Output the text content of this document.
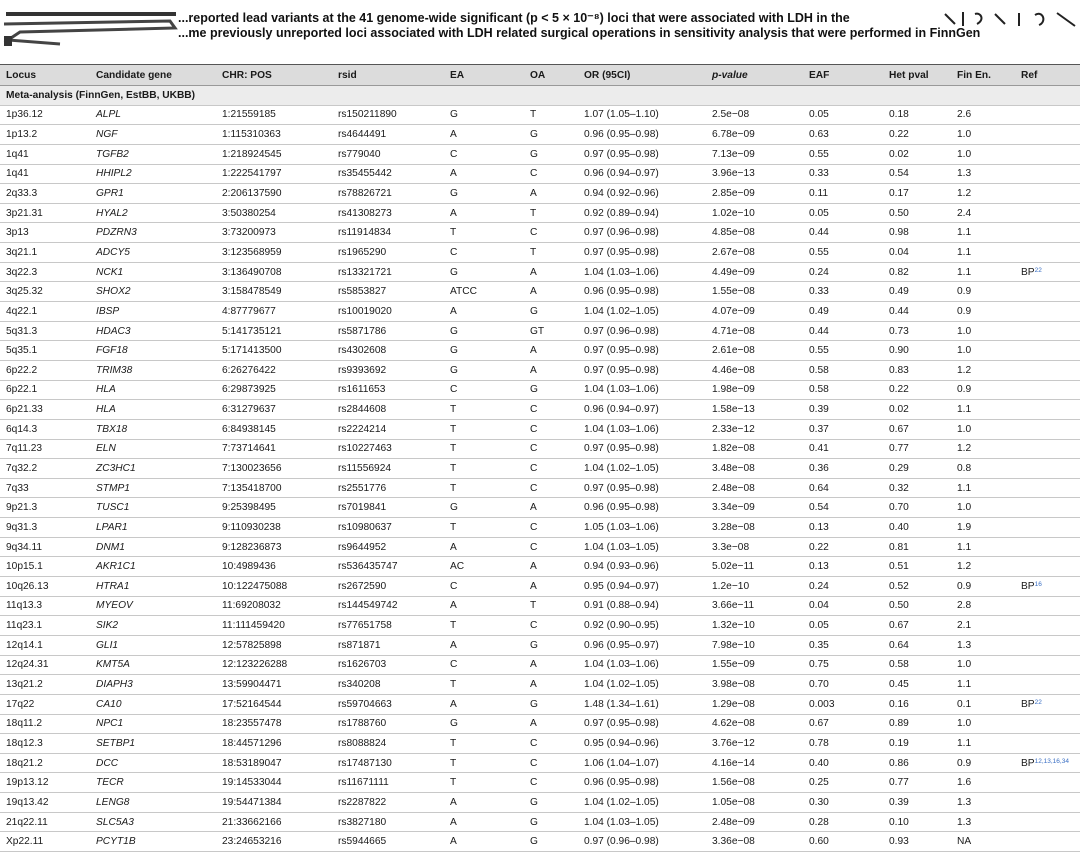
...reported lead variants at the 41 genome-wide significant (p < 5 × 10⁻⁸) loci that were associated with LDH in the
...me previously unreported loci associated with LDH related surgical operations in sensitivity analysis that were performed in FinnGen
Locus	Candidate gene	CHR: POS	rsid	EA	OA	OR (95CI)	p-value	EAF	Het pval	Fin En.	Ref
Meta-analysis (FinnGen, EstBB, UKBB)											
1p36.12	ALPL	1:21559185	rs150211890	G	T	1.07 (1.05–1.10)	2.5e−08	0.05	0.18	2.6	
1p13.2	NGF	1:115310363	rs4644491	A	G	0.96 (0.95–0.98)	6.78e−09	0.63	0.22	1.0	
1q41	TGFB2	1:218924545	rs779040	C	G	0.97 (0.95–0.98)	7.13e−09	0.55	0.02	1.0	
1q41	HHIPL2	1:222541797	rs35455442	A	C	0.96 (0.94–0.97)	3.96e−13	0.33	0.54	1.3	
2q33.3	GPR1	2:206137590	rs78826721	G	A	0.94 (0.92–0.96)	2.85e−09	0.11	0.17	1.2	
3p21.31	HYAL2	3:50380254	rs41308273	A	T	0.92 (0.89–0.94)	1.02e−10	0.05	0.50	2.4	
3p13	PDZRN3	3:73200973	rs11914834	T	C	0.97 (0.96–0.98)	4.85e−08	0.44	0.98	1.1	
3q21.1	ADCY5	3:123568959	rs1965290	C	T	0.97 (0.95–0.98)	2.67e−08	0.55	0.04	1.1	
3q22.3	NCK1	3:136490708	rs13321721	G	A	1.04 (1.03–1.06)	4.49e−09	0.24	0.82	1.1	BP$^{22}$
3q25.32	SHOX2	3:158478549	rs5853827	ATCC	A	0.96 (0.95–0.98)	1.55e−08	0.33	0.49	0.9	
4q22.1	IBSP	4:87779677	rs10019020	A	G	1.04 (1.02–1.05)	4.07e−09	0.49	0.44	0.9	
5q31.3	HDAC3	5:141735121	rs5871786	G	GT	0.97 (0.96–0.98)	4.71e−08	0.44	0.73	1.0	
5q35.1	FGF18	5:171413500	rs4302608	G	A	0.97 (0.95–0.98)	2.61e−08	0.55	0.90	1.0	
6p22.2	TRIM38	6:26276422	rs9393692	G	A	0.97 (0.95–0.98)	4.46e−08	0.58	0.83	1.2	
6p22.1	HLA	6:29873925	rs1611653	C	G	1.04 (1.03–1.06)	1.98e−09	0.58	0.22	0.9	
6p21.33	HLA	6:31279637	rs2844608	T	C	0.96 (0.94–0.97)	1.58e−13	0.39	0.02	1.1	
6q14.3	TBX18	6:84938145	rs2224214	T	C	1.04 (1.03–1.06)	2.33e−12	0.37	0.67	1.0	
7q11.23	ELN	7:73714641	rs10227463	T	C	0.97 (0.95–0.98)	1.82e−08	0.41	0.77	1.2	
7q32.2	ZC3HC1	7:130023656	rs11556924	T	C	1.04 (1.02–1.05)	3.48e−08	0.36	0.29	0.8	
7q33	STMP1	7:135418700	rs2551776	T	C	0.97 (0.95–0.98)	2.48e−08	0.64	0.32	1.1	
9p21.3	TUSC1	9:25398495	rs7019841	G	A	0.96 (0.95–0.98)	3.34e−09	0.54	0.70	1.0	
9q31.3	LPAR1	9:110930238	rs10980637	T	C	1.05 (1.03–1.06)	3.28e−08	0.13	0.40	1.9	
9q34.11	DNM1	9:128236873	rs9644952	A	C	1.04 (1.03–1.05)	3.3e−08	0.22	0.81	1.1	
10p15.1	AKR1C1	10:4989436	rs536435747	AC	A	0.94 (0.93–0.96)	5.02e−11	0.13	0.51	1.2	
10q26.13	HTRA1	10:122475088	rs2672590	C	A	0.95 (0.94–0.97)	1.2e−10	0.24	0.52	0.9	BP$^{16}$
11q13.3	MYEOV	11:69208032	rs144549742	A	T	0.91 (0.88–0.94)	3.66e−11	0.04	0.50	2.8	
11q23.1	SIK2	11:111459420	rs77651758	T	C	0.92 (0.90–0.95)	1.32e−10	0.05	0.67	2.1	
12q14.1	GLI1	12:57825898	rs871871	A	G	0.96 (0.95–0.97)	7.98e−10	0.35	0.64	1.3	
12q24.31	KMT5A	12:123226288	rs1626703	C	A	1.04 (1.03–1.06)	1.55e−09	0.75	0.58	1.0	
13q21.2	DIAPH3	13:59904471	rs340208	T	A	1.04 (1.02–1.05)	3.98e−08	0.70	0.45	1.1	
17q22	CA10	17:52164544	rs59704663	A	G	1.48 (1.34–1.61)	1.29e−08	0.003	0.16	0.1	BP$^{22}$
18q11.2	NPC1	18:23557478	rs1788760	G	A	0.97 (0.95–0.98)	4.62e−08	0.67	0.89	1.0	
18q12.3	SETBP1	18:44571296	rs8088824	T	C	0.95 (0.94–0.96)	3.76e−12	0.78	0.19	1.1	
18q21.2	DCC	18:53189047	rs17487130	T	C	1.06 (1.04–1.07)	4.16e−14	0.40	0.86	0.9	BP$^{12,13,16,34}$
19p13.12	TECR	19:14533044	rs11671111	T	C	0.96 (0.95–0.98)	1.56e−08	0.25	0.77	1.6	
19q13.42	LENG8	19:54471384	rs2287822	A	G	1.04 (1.02–1.05)	1.05e−08	0.30	0.39	1.3	
21q22.11	SLC5A3	21:33662166	rs3827180	A	G	1.04 (1.03–1.05)	2.48e−09	0.28	0.10	1.3	
Xp22.11	PCYT1B	23:24653216	rs5944665	A	G	0.97 (0.96–0.98)	3.36e−08	0.60	0.93	NA	
